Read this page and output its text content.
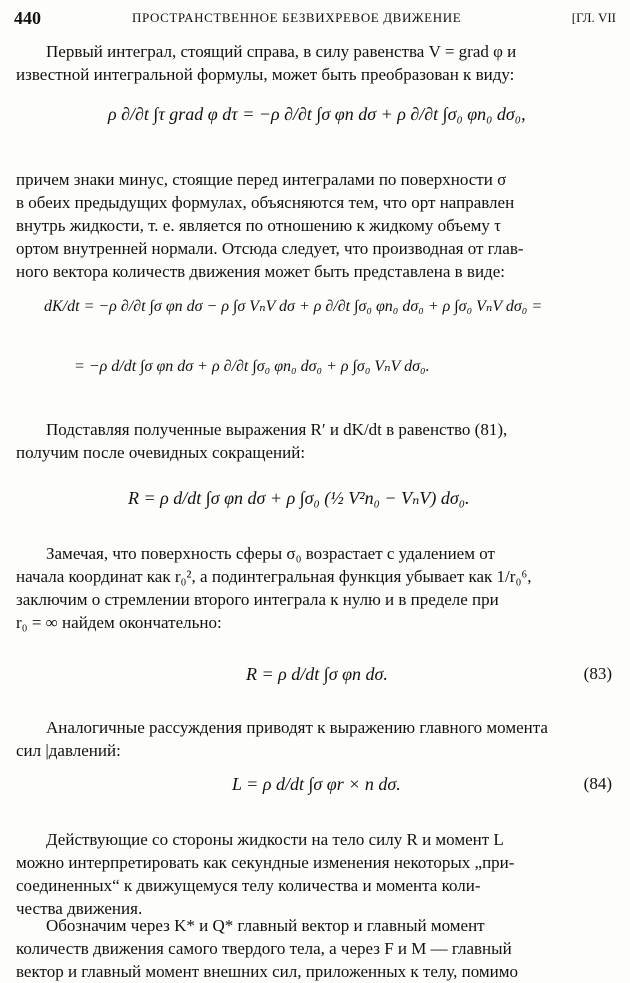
440	ПРОСТРАНСТВЕННОЕ БЕЗВИХРЕВОЕ ДВИЖЕНИЕ	[ГЛ. VII
Первый интеграл, стоящий справа, в силу равенства V = grad φ и
известной интегральной формулы, может быть преобразован к виду:
ρ ∂/∂t ∫τ grad φ dτ = −ρ ∂/∂t ∫σ φn dσ + ρ ∂/∂t ∫σ₀ φn₀ dσ₀,
причем знаки минус, стоящие перед интегралами по поверхности σ
в обеих предыдущих формулах, объясняются тем, что орт направлен
внутрь жидкости, т. е. является по отношению к жидкому объему τ
ортом внутренней нормали. Отсюда следует, что производная от глав-
ного вектора количеств движения может быть представлена в виде:
dK/dt = −ρ ∂/∂t ∫σ φn dσ − ρ ∫σ VₙV dσ + ρ ∂/∂t ∫σ₀ φn₀ dσ₀ + ρ ∫σ₀ VₙV dσ₀ =
= −ρ d/dt ∫σ φn dσ + ρ ∂/∂t ∫σ₀ φn₀ dσ₀ + ρ ∫σ₀ VₙV dσ₀.
Подставляя полученные выражения R′ и dK/dt в равенство (81),
получим после очевидных сокращений:
R = ρ d/dt ∫σ φn dσ + ρ ∫σ₀ (½ V²n₀ − VₙV) dσ₀.
Замечая, что поверхность сферы σ₀ возрастает с удалением от
начала координат как r₀², а подинтегральная функция убывает как 1/r₀⁶,
заключим о стремлении второго интеграла к нулю и в пределе при
r₀ = ∞ найдем окончательно:
R = ρ d/dt ∫σ φn dσ.	(83)
Аналогичные рассуждения приводят к выражению главного момента
сил |давлений:
L = ρ d/dt ∫σ φr × n dσ.	(84)
Действующие со стороны жидкости на тело силу R и момент L
можно интерпретировать как секундные изменения некоторых „при-
соединенных“ к движущемуся телу количества и момента коли-
чества движения.
Обозначим через K* и Q* главный вектор и главный момент
количеств движения самого твердого тела, а через F и M — главный
вектор и главный момент внешних сил, приложенных к телу, помимо
